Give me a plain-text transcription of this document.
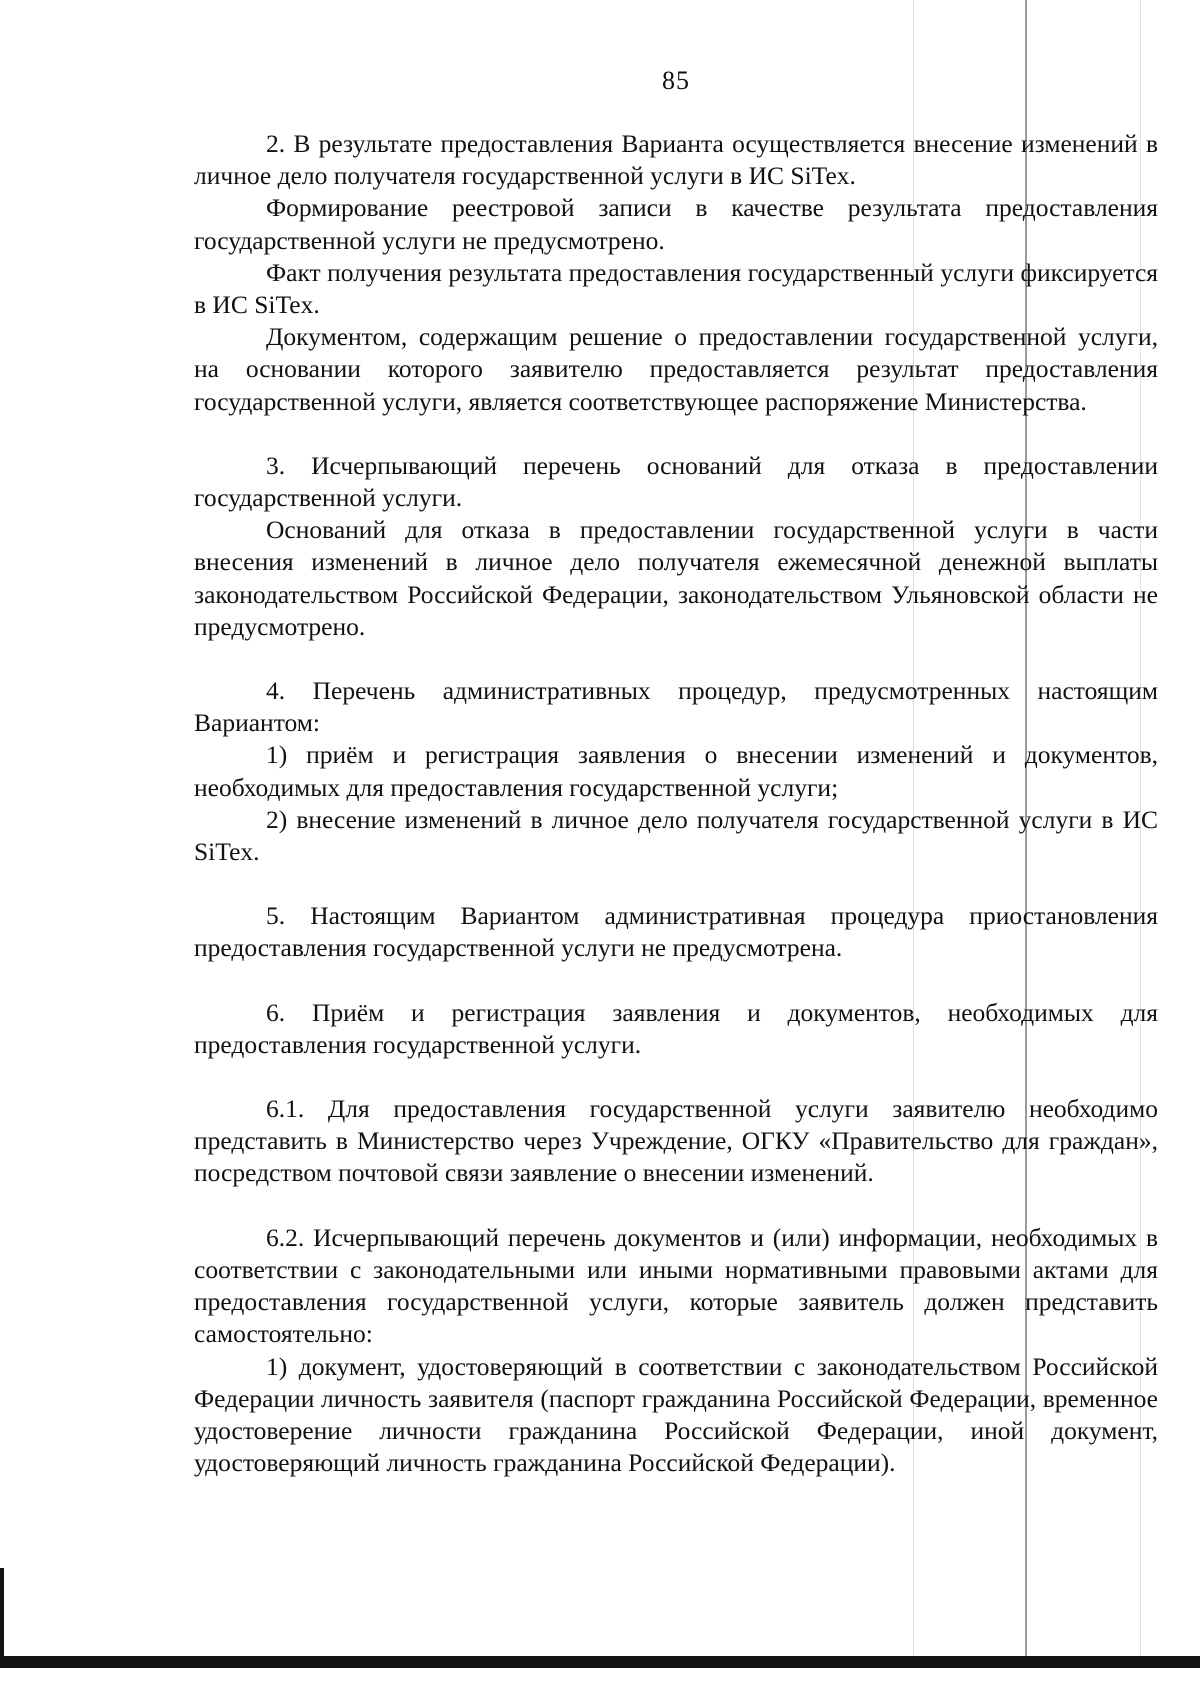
85

2. В результате предоставления Варианта осуществляется внесение изменений в личное дело получателя государственной услуги в ИС SiTex.

Формирование реестровой записи в качестве результата предоставления государственной услуги не предусмотрено.

Факт получения результата предоставления государственный услуги фиксируется в ИС SiTex.

Документом, содержащим решение о предоставлении государственной услуги, на основании которого заявителю предоставляется результат предоставления государственной услуги, является соответствующее распоряжение Министерства.

3. Исчерпывающий перечень оснований для отказа в предоставлении государственной услуги.

Оснований для отказа в предоставлении государственной услуги в части внесения изменений в личное дело получателя ежемесячной денежной выплаты законодательством Российской Федерации, законодательством Ульяновской области не предусмотрено.

4. Перечень административных процедур, предусмотренных настоящим Вариантом:

1) приём и регистрация заявления о внесении изменений и документов, необходимых для предоставления государственной услуги;

2) внесение изменений в личное дело получателя государственной услуги в ИС SiTex.

5. Настоящим Вариантом административная процедура приостановления предоставления государственной услуги не предусмотрена.

6. Приём и регистрация заявления и документов, необходимых для предоставления государственной услуги.

6.1. Для предоставления государственной услуги заявителю необходимо представить в Министерство через Учреждение, ОГКУ «Правительство для граждан», посредством почтовой связи заявление о внесении изменений.

6.2. Исчерпывающий перечень документов и (или) информации, необходимых в соответствии с законодательными или иными нормативными правовыми актами для предоставления государственной услуги, которые заявитель должен представить самостоятельно:

1) документ, удостоверяющий в соответствии с законодательством Российской Федерации личность заявителя (паспорт гражданина Российской Федерации, временное удостоверение личности гражданина Российской Федерации, иной документ, удостоверяющий личность гражданина Российской Федерации).
